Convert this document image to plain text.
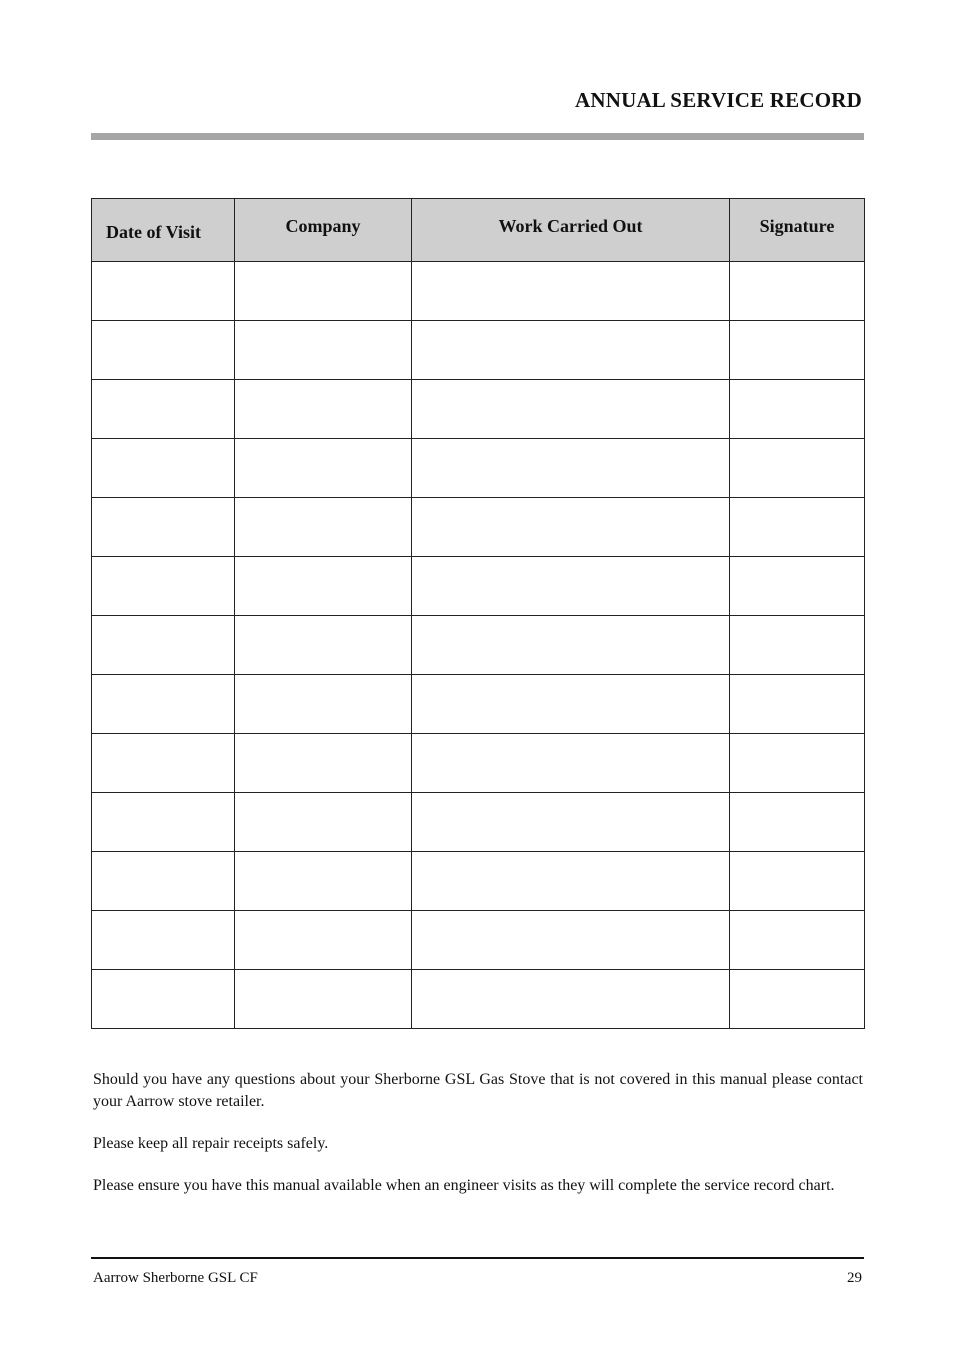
ANNUAL SERVICE RECORD
Date of Visit	Company	Work Carried Out	Signature

Should you have any questions about your Sherborne GSL Gas Stove that is not covered in this manual please contact your Aarrow stove retailer.

Please keep all repair receipts safely.

Please ensure you have this manual available when an engineer visits as they will complete the service record chart.

Aarrow Sherborne GSL CF	29
